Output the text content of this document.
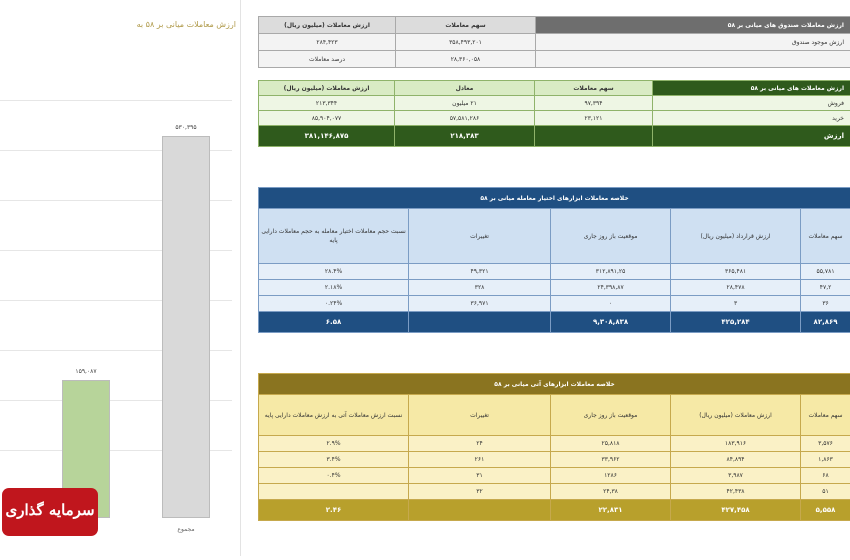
ارزش معاملات میانی بر ۵۸ به
۱۵۹,۰۸۷
۵۳۰,۳۹۵
مجموع
ارزش معاملات صندوق های میانی بر ۵۸	سهم معاملات	ارزش معاملات (میلیون ریال)
ارزش موجود صندوق	۳۵۸,۴۹۳,۲۰۱	۲۸۴,۴۲۳
	۲۸,۳۶۰,۰۵۸	درصد معاملات
ارزش معاملات های میانی بر ۵۸	سهم معاملات	معادل	ارزش معاملات (میلیون ریال)
فروش	۹۷,۳۹۴	۲۱ میلیون	۲۱۳,۳۴۴
خرید	۲۳,۱۲۱	۵۷,۵۸۱,۲۸۶	۸۵,۹۰۴,۰۷۷
ارزش		۲۱۸,۳۸۳	۳۸۱,۱۴۶,۸۷۵
خلاصه معاملات ابزارهای اختیار معامله میانی بر ۵۸				
سهم معاملات	ارزش قرارداد (میلیون ریال)	موقعیت باز روز جاری	تغییرات	نسبت حجم معاملات اختیار معامله به حجم معاملات دارایی پایه
۵۵,۷۸۱	۳۶۵,۴۸۱	۳۱۲,۸۹۱,۲۵	۴۹,۳۲۱	۲۸.۴%
۴۷,۲	۲۸,۴۷۸	۲۴,۳۹۸,۸۷	۳۲۸	۲.۱۸%
۳۶	۳	۰	۳۶,۹۷۱	۰.۲۴%
۸۲,۸۶۹	۴۲۵,۲۸۴	۹,۳۰۸,۸۳۸		۶.۵۸
خلاصه معاملات ابزارهای آتی میانی بر ۵۸				
سهم معاملات	ارزش معاملات (میلیون ریال)	موقعیت باز روز جاری	تغییرات	نسبت ارزش معاملات آتی به ارزش معاملات دارایی پایه
۳,۵۷۶	۱۸۳,۹۱۶	۲۵,۸۱۸	۲۴	۲.۹%
۱,۸۶۳	۸۴,۸۹۴	۳۳,۹۶۲	۲۶۱	۳.۴%
۶۸	۳,۹۸۷	۱۲۸۶	۳۱	۰.۴%
۵۱	۴۲,۴۳۸	۲۴,۳۸	۳۲	
۵,۵۵۸	۴۲۷,۴۵۸	۲۲,۸۳۱		۲.۴۶
سرمایه گذاری
